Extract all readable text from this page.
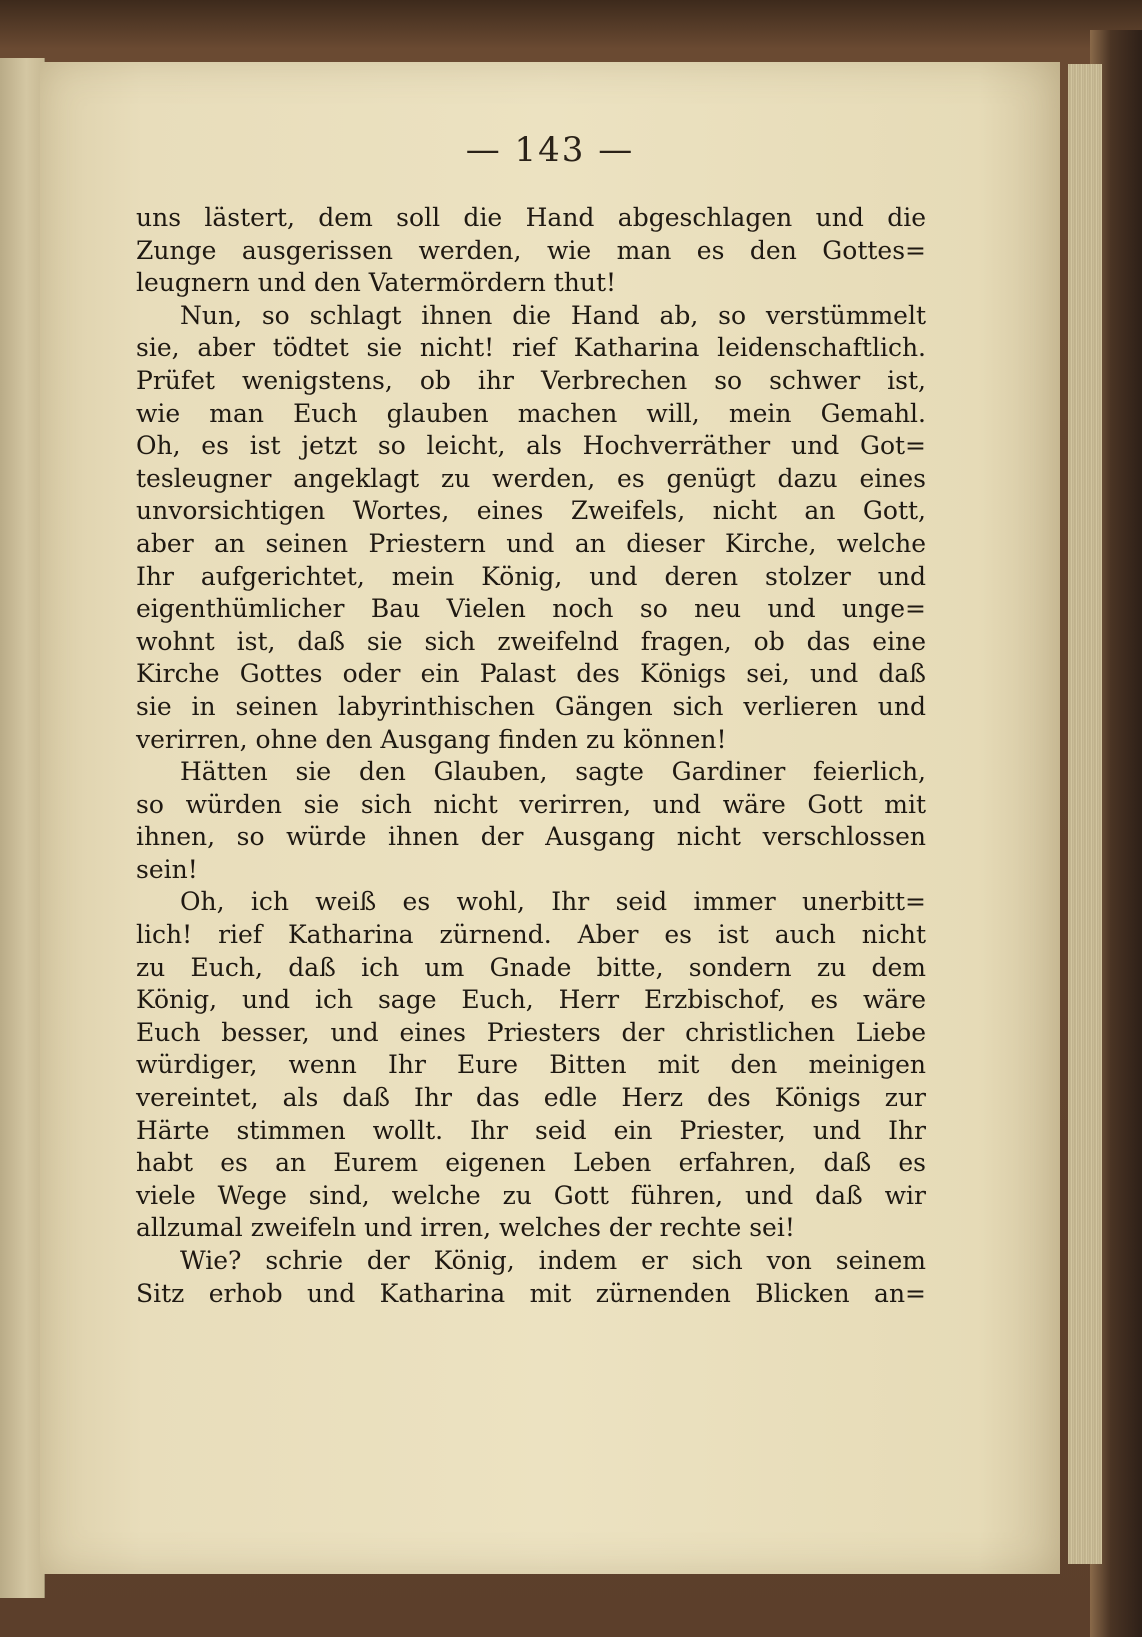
— 143 —
uns lästert, dem soll die Hand abgeschlagen und die
Zunge ausgerissen werden, wie man es den Gottes=
leugnern und den Vatermördern thut!
Nun, so schlagt ihnen die Hand ab, so verstümmelt
sie, aber tödtet sie nicht! rief Katharina leidenschaftlich.
Prüfet wenigstens, ob ihr Verbrechen so schwer ist,
wie man Euch glauben machen will, mein Gemahl.
Oh, es ist jetzt so leicht, als Hochverräther und Got=
tesleugner angeklagt zu werden, es genügt dazu eines
unvorsichtigen Wortes, eines Zweifels, nicht an Gott,
aber an seinen Priestern und an dieser Kirche, welche
Ihr aufgerichtet, mein König, und deren stolzer und
eigenthümlicher Bau Vielen noch so neu und unge=
wohnt ist, daß sie sich zweifelnd fragen, ob das eine
Kirche Gottes oder ein Palast des Königs sei, und daß
sie in seinen labyrinthischen Gängen sich verlieren und
verirren, ohne den Ausgang finden zu können!
Hätten sie den Glauben, sagte Gardiner feierlich,
so würden sie sich nicht verirren, und wäre Gott mit
ihnen, so würde ihnen der Ausgang nicht verschlossen
sein!
Oh, ich weiß es wohl, Ihr seid immer unerbitt=
lich! rief Katharina zürnend. Aber es ist auch nicht
zu Euch, daß ich um Gnade bitte, sondern zu dem
König, und ich sage Euch, Herr Erzbischof, es wäre
Euch besser, und eines Priesters der christlichen Liebe
würdiger, wenn Ihr Eure Bitten mit den meinigen
vereintet, als daß Ihr das edle Herz des Königs zur
Härte stimmen wollt. Ihr seid ein Priester, und Ihr
habt es an Eurem eigenen Leben erfahren, daß es
viele Wege sind, welche zu Gott führen, und daß wir
allzumal zweifeln und irren, welches der rechte sei!
Wie? schrie der König, indem er sich von seinem
Sitz erhob und Katharina mit zürnenden Blicken an=
